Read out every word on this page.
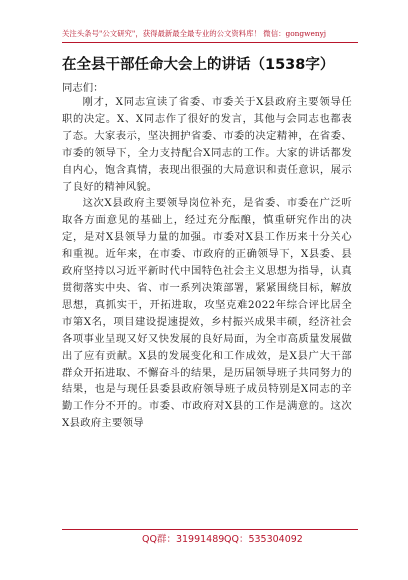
关注头条号"公文研究"，获得最新最全最专业的公文资料库！ 微信：gongwenyj
在全县干部任命大会上的讲话（1538字）
同志们：

刚才，X同志宣读了省委、市委关于X县政府主要领导任职的决定。X、X同志作了很好的发言，其他与会同志也都表了态。大家表示，坚决拥护省委、市委的决定精神，在省委、市委的领导下，全力支持配合X同志的工作。大家的讲话都发自内心，饱含真情，表现出很强的大局意识和责任意识，展示了良好的精神风貌。

这次X县政府主要领导岗位补充，是省委、市委在广泛听取各方面意见的基础上，经过充分酝酿，慎重研究作出的决定，是对X县领导力量的加强。市委对X县工作历来十分关心和重视。近年来，在市委、市政府的正确领导下，X县委、县政府坚持以习近平新时代中国特色社会主义思想为指导，认真贯彻落实中央、省、市一系列决策部署，紧紧围绕目标，解放思想，真抓实干，开拓进取，攻坚克难2022年综合评比居全市第X名，项目建设提速提效，乡村振兴成果丰硕，经济社会各项事业呈现又好又快发展的良好局面，为全市高质量发展做出了应有贡献。X县的发展变化和工作成效，是X县广大干部群众开拓进取、不懈奋斗的结果，是历届领导班子共同努力的结果，也是与现任县委县政府领导班子成员特别是X同志的辛勤工作分不开的。市委、市政府对X县的工作是满意的。这次X县政府主要领导

QQ群：31991489 QQ：535304092
